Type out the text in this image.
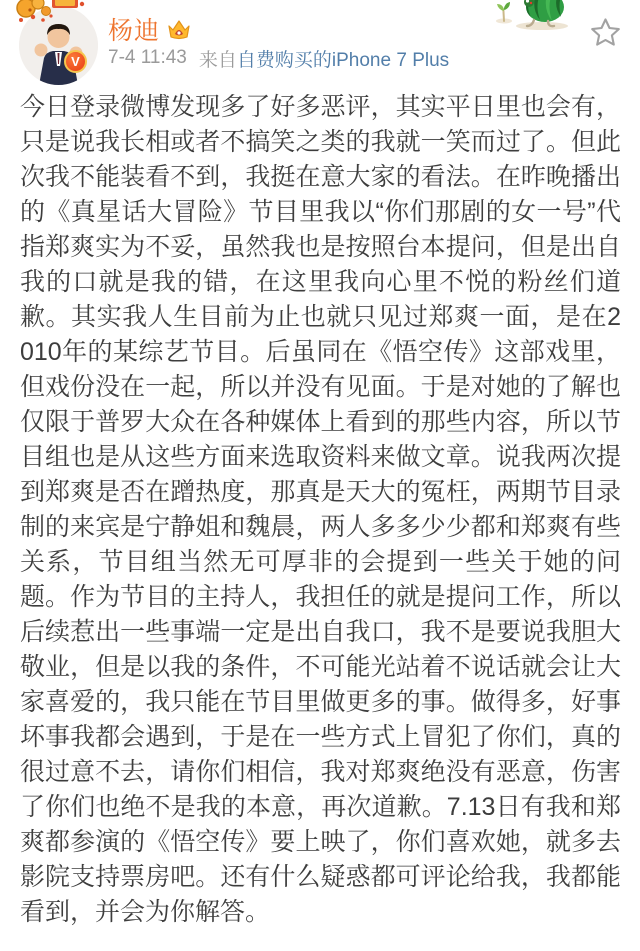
V
杨迪
7-4 11:43 来自 自费购买的iPhone 7 Plus
今日登录微博发现多了好多恶评，其实平日里也会有，只是说我长相或者不搞笑之类的我就一笑而过了。但此次我不能装看不到，我挺在意大家的看法。在昨晚播出的《真星话大冒险》节目里我以“你们那剧的女一号”代指郑爽实为不妥，虽然我也是按照台本提问，但是出自我的口就是我的错，在这里我向心里不悦的粉丝们道歉。其实我人生目前为止也就只见过郑爽一面，是在2010年的某综艺节目。后虽同在《悟空传》这部戏里，但戏份没在一起，所以并没有见面。于是对她的了解也仅限于普罗大众在各种媒体上看到的那些内容，所以节目组也是从这些方面来选取资料来做文章。说我两次提到郑爽是否在蹭热度，那真是天大的冤枉，两期节目录制的来宾是宁静姐和魏晨，两人多多少少都和郑爽有些关系，节目组当然无可厚非的会提到一些关于她的问题。作为节目的主持人，我担任的就是提问工作，所以后续惹出一些事端一定是出自我口，我不是要说我胆大敬业，但是以我的条件，不可能光站着不说话就会让大家喜爱的，我只能在节目里做更多的事。做得多，好事坏事我都会遇到，于是在一些方式上冒犯了你们，真的很过意不去，请你们相信，我对郑爽绝没有恶意，伤害了你们也绝不是我的本意，再次道歉。7.13日有我和郑爽都参演的《悟空传》要上映了，你们喜欢她，就多去影院支持票房吧。还有什么疑惑都可评论给我，我都能看到，并会为你解答。
